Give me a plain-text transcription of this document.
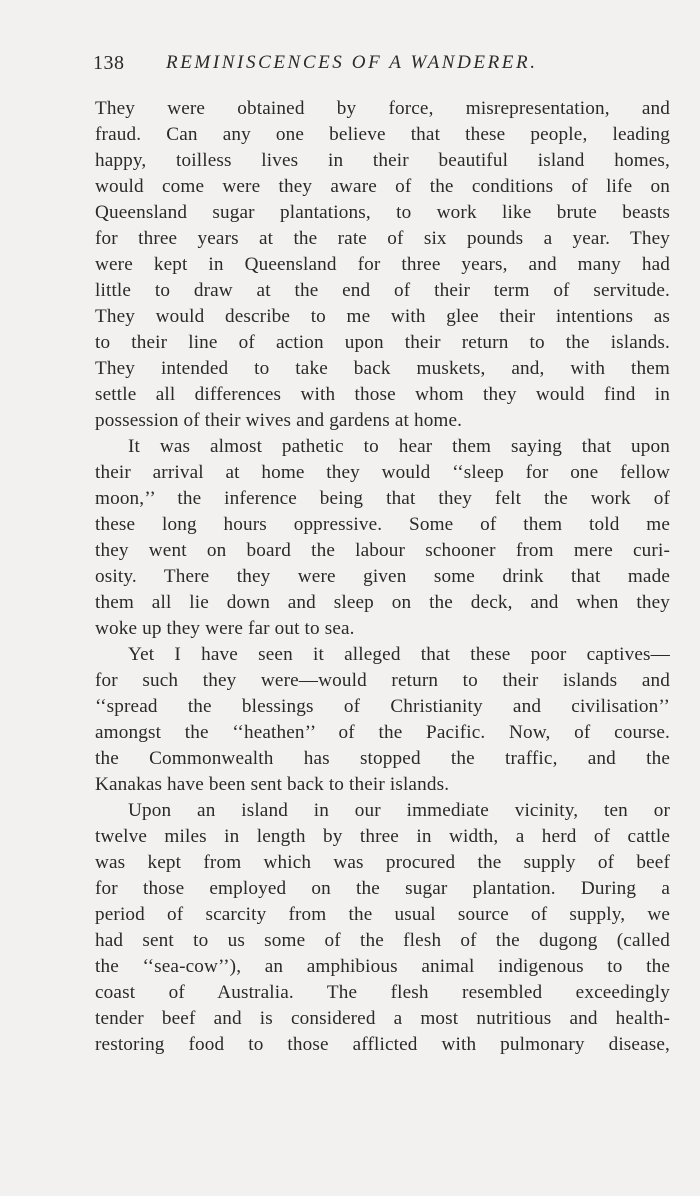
138 REMINISCENCES OF A WANDERER.
They were obtained by force, misrepresentation, and
fraud. Can any one believe that these people, leading
happy, toilless lives in their beautiful island homes,
would come were they aware of the conditions of life on
Queensland sugar plantations, to work like brute beasts
for three years at the rate of six pounds a year. They
were kept in Queensland for three years, and many had
little to draw at the end of their term of servitude.
They would describe to me with glee their intentions as
to their line of action upon their return to the islands.
They intended to take back muskets, and, with them
settle all differences with those whom they would find in
possession of their wives and gardens at home.
It was almost pathetic to hear them saying that upon
their arrival at home they would ‘‘sleep for one fellow
moon,’’ the inference being that they felt the work of
these long hours oppressive. Some of them told me
they went on board the labour schooner from mere curi-
osity. There they were given some drink that made
them all lie down and sleep on the deck, and when they
woke up they were far out to sea.
Yet I have seen it alleged that these poor captives—
for such they were—would return to their islands and
‘‘spread the blessings of Christianity and civilisation’’
amongst the ‘‘heathen’’ of the Pacific. Now, of course.
the Commonwealth has stopped the traffic, and the
Kanakas have been sent back to their islands.
Upon an island in our immediate vicinity, ten or
twelve miles in length by three in width, a herd of cattle
was kept from which was procured the supply of beef
for those employed on the sugar plantation. During a
period of scarcity from the usual source of supply, we
had sent to us some of the flesh of the dugong (called
the ‘‘sea-cow’’), an amphibious animal indigenous to the
coast of Australia. The flesh resembled exceedingly
tender beef and is considered a most nutritious and health-
restoring food to those afflicted with pulmonary disease,
